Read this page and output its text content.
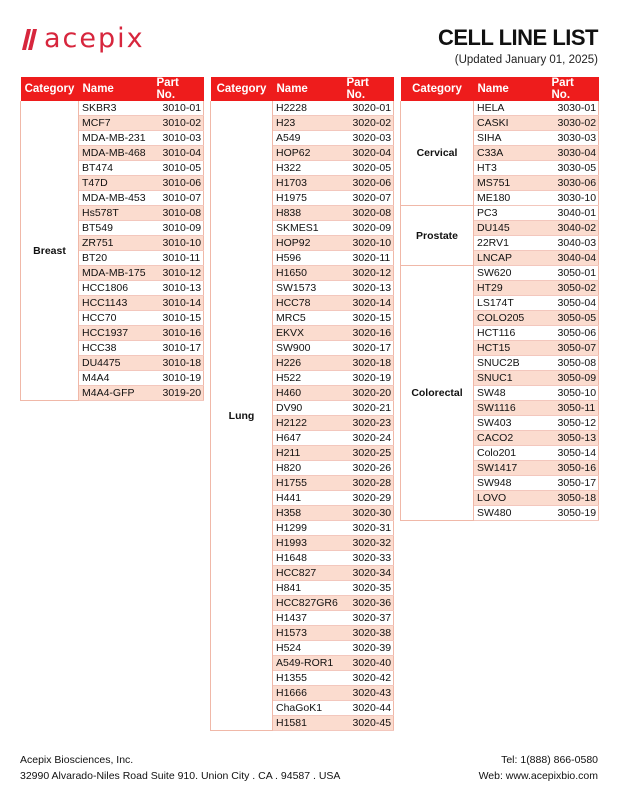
acepix	CELL LINE LIST
(Updated January 01, 2025)
Category	Name	Part No.
Breast	SKBR3	3010-01
	MCF7	3010-02
	MDA-MB-231	3010-03
	MDA-MB-468	3010-04
	BT474	3010-05
	T47D	3010-06
	MDA-MB-453	3010-07
	Hs578T	3010-08
	BT549	3010-09
	ZR751	3010-10
	BT20	3010-11
	MDA-MB-175	3010-12
	HCC1806	3010-13
	HCC1143	3010-14
	HCC70	3010-15
	HCC1937	3010-16
	HCC38	3010-17
	DU4475	3010-18
	M4A4	3010-19
	M4A4-GFP	3019-20
Category	Name	Part No.
Lung	H2228	3020-01
	H23	3020-02
	A549	3020-03
	HOP62	3020-04
	H322	3020-05
	H1703	3020-06
	H1975	3020-07
	H838	3020-08
	SKMES1	3020-09
	HOP92	3020-10
	H596	3020-11
	H1650	3020-12
	SW1573	3020-13
	HCC78	3020-14
	MRC5	3020-15
	EKVX	3020-16
	SW900	3020-17
	H226	3020-18
	H522	3020-19
	H460	3020-20
	DV90	3020-21
	H2122	3020-23
	H647	3020-24
	H211	3020-25
	H820	3020-26
	H1755	3020-28
	H441	3020-29
	H358	3020-30
	H1299	3020-31
	H1993	3020-32
	H1648	3020-33
	HCC827	3020-34
	H841	3020-35
	HCC827GR6	3020-36
	H1437	3020-37
	H1573	3020-38
	H524	3020-39
	A549-ROR1	3020-40
	H1355	3020-42
	H1666	3020-43
	ChaGoK1	3020-44
	H1581	3020-45
Category	Name	Part No.
Cervical	HELA	3030-01
	CASKI	3030-02
	SIHA	3030-03
	C33A	3030-04
	HT3	3030-05
	MS751	3030-06
	ME180	3030-10
Prostate	PC3	3040-01
	DU145	3040-02
	22RV1	3040-03
	LNCAP	3040-04
Colorectal	SW620	3050-01
	HT29	3050-02
	LS174T	3050-04
	COLO205	3050-05
	HCT116	3050-06
	HCT15	3050-07
	SNUC2B	3050-08
	SNUC1	3050-09
	SW48	3050-10
	SW1116	3050-11
	SW403	3050-12
	CACO2	3050-13
	Colo201	3050-14
	SW1417	3050-16
	SW948	3050-17
	LOVO	3050-18
	SW480	3050-19
Acepix Biosciences, Inc.
32990 Alvarado-Niles Road Suite 910. Union City . CA . 94587 . USA
Tel: 1(888) 866-0580
Web: www.acepixbio.com
